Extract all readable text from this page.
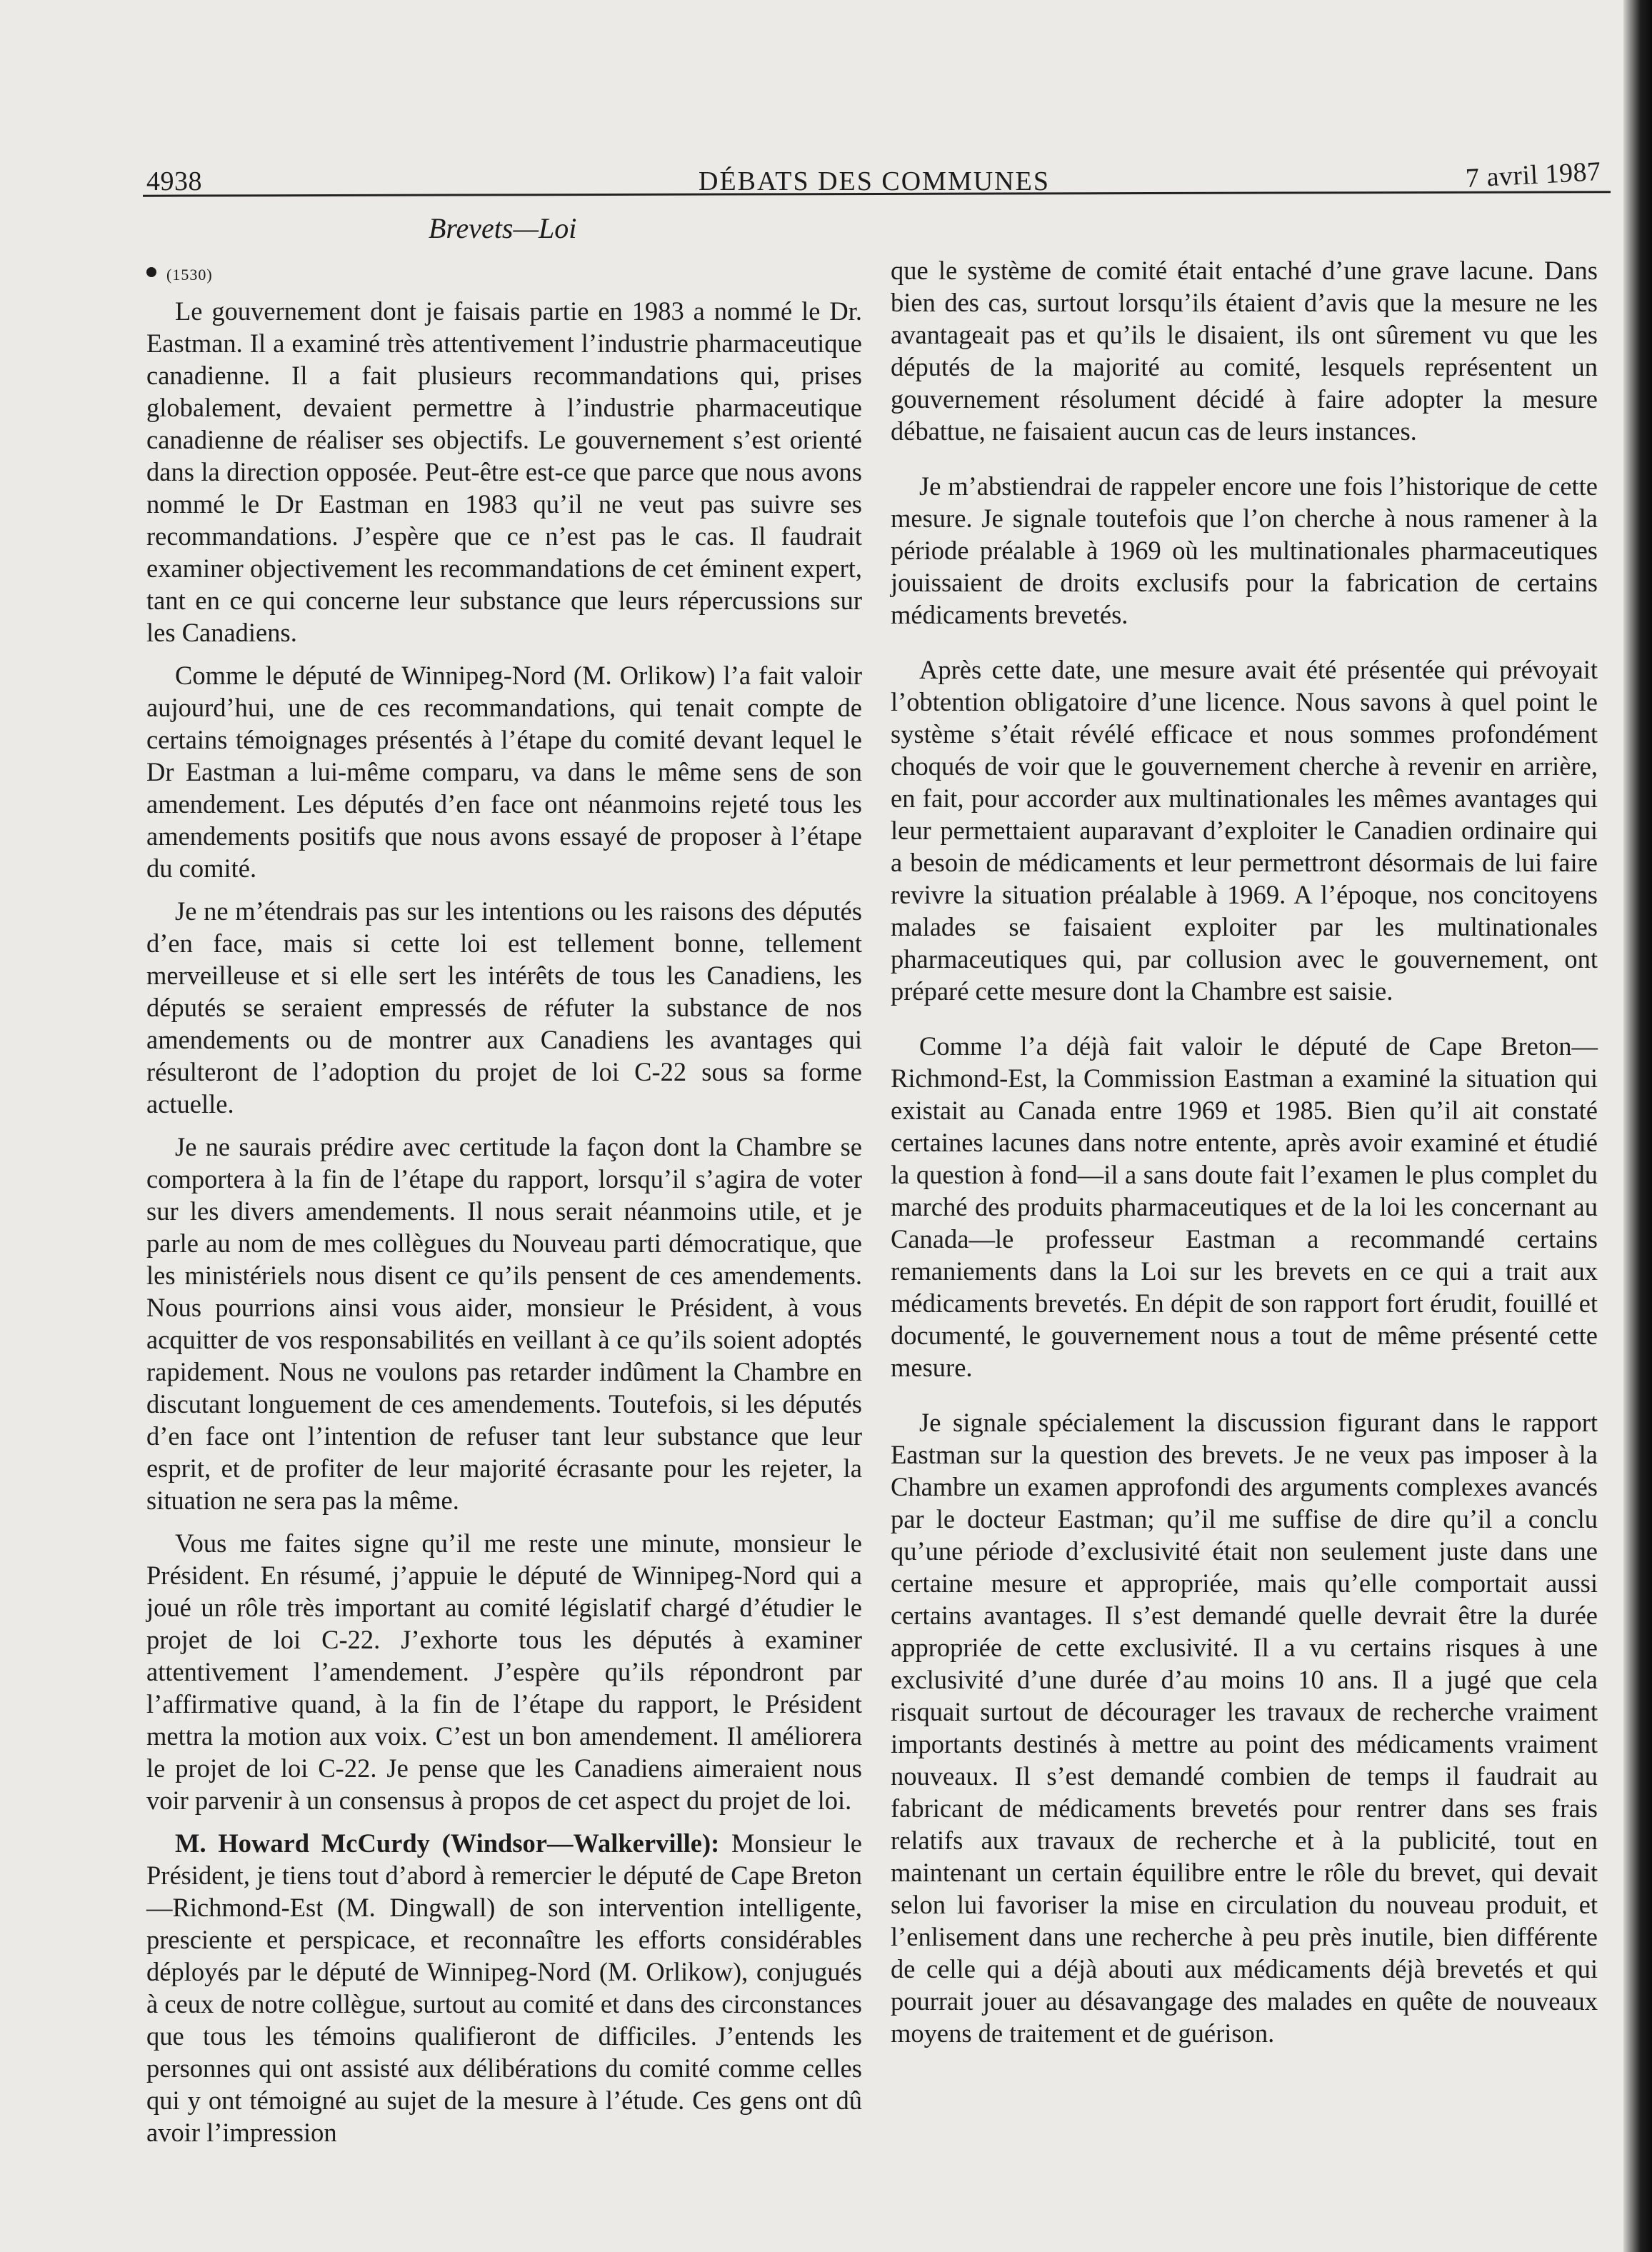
4938	DÉBATS DES COMMUNES	7 avril 1987
Brevets—Loi
(1530)

Le gouvernement dont je faisais partie en 1983 a nommé le Dr. Eastman. Il a examiné très attentivement l’industrie pharmaceutique canadienne. Il a fait plusieurs recommandations qui, prises globalement, devaient permettre à l’industrie pharmaceutique canadienne de réaliser ses objectifs. Le gouvernement s’est orienté dans la direction opposée. Peut-être est-ce que parce que nous avons nommé le Dr Eastman en 1983 qu’il ne veut pas suivre ses recommandations. J’espère que ce n’est pas le cas. Il faudrait examiner objectivement les recommandations de cet éminent expert, tant en ce qui concerne leur substance que leurs répercussions sur les Canadiens.

Comme le député de Winnipeg-Nord (M. Orlikow) l’a fait valoir aujourd’hui, une de ces recommandations, qui tenait compte de certains témoignages présentés à l’étape du comité devant lequel le Dr Eastman a lui-même comparu, va dans le même sens de son amendement. Les députés d’en face ont néanmoins rejeté tous les amendements positifs que nous avons essayé de proposer à l’étape du comité.

Je ne m’étendrais pas sur les intentions ou les raisons des députés d’en face, mais si cette loi est tellement bonne, tellement merveilleuse et si elle sert les intérêts de tous les Canadiens, les députés se seraient empressés de réfuter la substance de nos amendements ou de montrer aux Canadiens les avantages qui résulteront de l’adoption du projet de loi C-22 sous sa forme actuelle.

Je ne saurais prédire avec certitude la façon dont la Chambre se comportera à la fin de l’étape du rapport, lorsqu’il s’agira de voter sur les divers amendements. Il nous serait néanmoins utile, et je parle au nom de mes collègues du Nouveau parti démocratique, que les ministériels nous disent ce qu’ils pensent de ces amendements. Nous pourrions ainsi vous aider, monsieur le Président, à vous acquitter de vos responsabilités en veillant à ce qu’ils soient adoptés rapidement. Nous ne voulons pas retarder indûment la Chambre en discutant longuement de ces amendements. Toutefois, si les députés d’en face ont l’intention de refuser tant leur substance que leur esprit, et de profiter de leur majorité écrasante pour les rejeter, la situation ne sera pas la même.

Vous me faites signe qu’il me reste une minute, monsieur le Président. En résumé, j’appuie le député de Winnipeg-Nord qui a joué un rôle très important au comité législatif chargé d’étudier le projet de loi C-22. J’exhorte tous les députés à examiner attentivement l’amendement. J’espère qu’ils répondront par l’affirmative quand, à la fin de l’étape du rapport, le Président mettra la motion aux voix. C’est un bon amendement. Il améliorera le projet de loi C-22. Je pense que les Canadiens aimeraient nous voir parvenir à un consensus à propos de cet aspect du projet de loi.

M. Howard McCurdy (Windsor—Walkerville): Monsieur le Président, je tiens tout d’abord à remercier le député de Cape Breton—Richmond-Est (M. Dingwall) de son intervention intelligente, presciente et perspicace, et reconnaître les efforts considérables déployés par le député de Winnipeg-Nord (M. Orlikow), conjugués à ceux de notre collègue, surtout au comité et dans des circonstances que tous les témoins qualifieront de difficiles. J’entends les personnes qui ont assisté aux délibérations du comité comme celles qui y ont témoigné au sujet de la mesure à l’étude. Ces gens ont dû avoir l’impression

que le système de comité était entaché d’une grave lacune. Dans bien des cas, surtout lorsqu’ils étaient d’avis que la mesure ne les avantageait pas et qu’ils le disaient, ils ont sûrement vu que les députés de la majorité au comité, lesquels représentent un gouvernement résolument décidé à faire adopter la mesure débattue, ne faisaient aucun cas de leurs instances.

Je m’abstiendrai de rappeler encore une fois l’historique de cette mesure. Je signale toutefois que l’on cherche à nous ramener à la période préalable à 1969 où les multinationales pharmaceutiques jouissaient de droits exclusifs pour la fabrication de certains médicaments brevetés.

Après cette date, une mesure avait été présentée qui prévoyait l’obtention obligatoire d’une licence. Nous savons à quel point le système s’était révélé efficace et nous sommes profondément choqués de voir que le gouvernement cherche à revenir en arrière, en fait, pour accorder aux multinationales les mêmes avantages qui leur permettaient auparavant d’exploiter le Canadien ordinaire qui a besoin de médicaments et leur permettront désormais de lui faire revivre la situation préalable à 1969. A l’époque, nos concitoyens malades se faisaient exploiter par les multinationales pharmaceutiques qui, par collusion avec le gouvernement, ont préparé cette mesure dont la Chambre est saisie.

Comme l’a déjà fait valoir le député de Cape Breton—Richmond-Est, la Commission Eastman a examiné la situation qui existait au Canada entre 1969 et 1985. Bien qu’il ait constaté certaines lacunes dans notre entente, après avoir examiné et étudié la question à fond—il a sans doute fait l’examen le plus complet du marché des produits pharmaceutiques et de la loi les concernant au Canada—le professeur Eastman a recommandé certains remaniements dans la Loi sur les brevets en ce qui a trait aux médicaments brevetés. En dépit de son rapport fort érudit, fouillé et documenté, le gouvernement nous a tout de même présenté cette mesure.

Je signale spécialement la discussion figurant dans le rapport Eastman sur la question des brevets. Je ne veux pas imposer à la Chambre un examen approfondi des arguments complexes avancés par le docteur Eastman; qu’il me suffise de dire qu’il a conclu qu’une période d’exclusivité était non seulement juste dans une certaine mesure et appropriée, mais qu’elle comportait aussi certains avantages. Il s’est demandé quelle devrait être la durée appropriée de cette exclusivité. Il a vu certains risques à une exclusivité d’une durée d’au moins 10 ans. Il a jugé que cela risquait surtout de décourager les travaux de recherche vraiment importants destinés à mettre au point des médicaments vraiment nouveaux. Il s’est demandé combien de temps il faudrait au fabricant de médicaments brevetés pour rentrer dans ses frais relatifs aux travaux de recherche et à la publicité, tout en maintenant un certain équilibre entre le rôle du brevet, qui devait selon lui favoriser la mise en circulation du nouveau produit, et l’enlisement dans une recherche à peu près inutile, bien différente de celle qui a déjà abouti aux médicaments déjà brevetés et qui pourrait jouer au désavangage des malades en quête de nouveaux moyens de traitement et de guérison.
